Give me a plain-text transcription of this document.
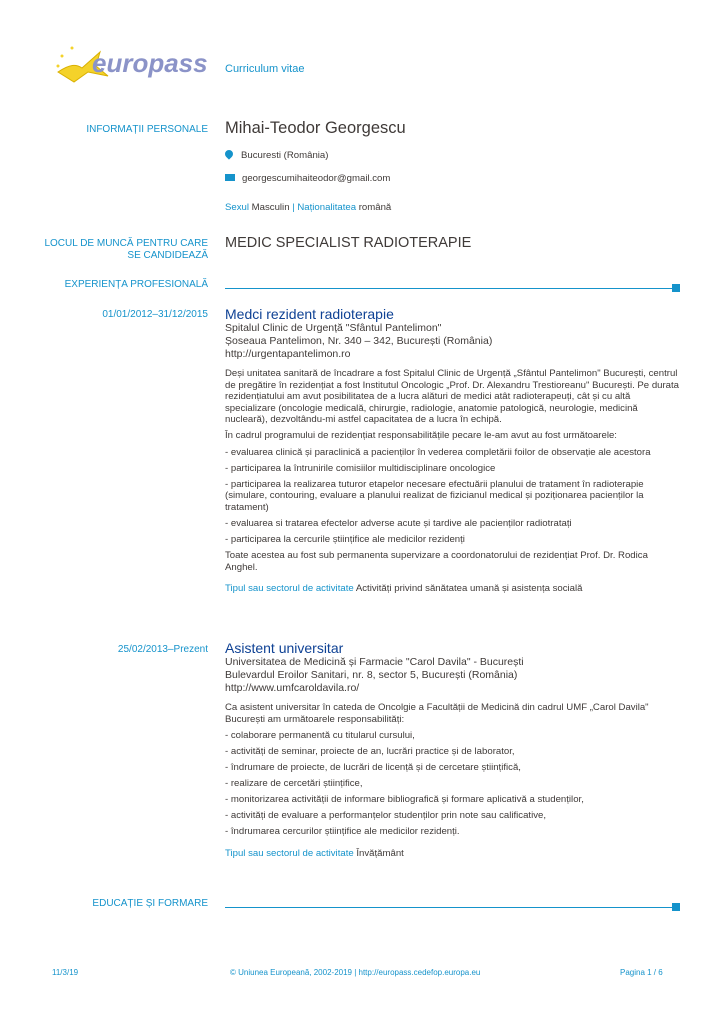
europass Curriculum vitae
INFORMAȚII PERSONALE Mihai-Teodor Georgescu
Bucuresti (România)
georgescumihaiteodor@gmail.com
Sexul Masculin | Naționalitatea română
LOCUL DE MUNCĂ PENTRU CARE SE CANDIDEAZĂ
MEDIC SPECIALIST RADIOTERAPIE
EXPERIENȚA PROFESIONALĂ
01/01/2012–31/12/2015 Medci rezident radioterapie
Spitalul Clinic de Urgență "Sfântul Pantelimon"
Șoseaua Pantelimon, Nr. 340 – 342, București (România)
http://urgentapantelimon.ro

Deși unitatea sanitară de încadrare a fost Spitalul Clinic de Urgență „Sfântul Pantelimon" București, centrul de pregătire în rezidențiat a fost Institutul Oncologic „Prof. Dr. Alexandru Trestioreanu" București. Pe durata rezidențiatului am avut posibilitatea de a lucra alături de medici atât radioterapeuți, cât și cu altă specializare (oncologie medicală, chirurgie, radiologie, anatomie patologică, neurologie, medicină nucleară), dezvoltându-mi astfel capacitatea de a lucra în echipă.

În cadrul programului de rezidențiat responsabilitățile pecare le-am avut au fost următoarele:

- evaluarea clinică și paraclinică a pacienților în vederea completării foilor de observație ale acestora

- participarea la întrunirile comisiilor multidisciplinare oncologice

- participarea la realizarea tuturor etapelor necesare efectuării planului de tratament în radioterapie (simulare, contouring, evaluare a planului realizat de fizicianul medical și poziționarea pacienților la tratament)

- evaluarea si tratarea efectelor adverse acute și tardive ale pacienților radiotratați

- participarea la cercurile științifice ale medicilor rezidenți

Toate acestea au fost sub permanenta supervizare a coordonatorului de rezidențiat Prof. Dr. Rodica Anghel.

Tipul sau sectorul de activitate Activități privind sănătatea umană și asistența socială

25/02/2013–Prezent Asistent universitar
Universitatea de Medicină și Farmacie "Carol Davila" - București
Bulevardul Eroilor Sanitari, nr. 8, sector 5, București (România)
http://www.umfcaroldavila.ro/

Ca asistent universitar în cateda de Oncolgie a Facultății de Medicină din cadrul UMF „Carol Davila" București am următoarele responsabilități:

- colaborare permanentă cu titularul cursului,

- activități de seminar, proiecte de an, lucrări practice și de laborator,

- îndrumare de proiecte, de lucrări de licență și de cercetare științifică,

- realizare de cercetări științifice,

- monitorizarea activității de informare bibliografică și formare aplicativă a studenților,

- activități de evaluare a performanțelor studenților prin note sau calificative,

- îndrumarea cercurilor științifice ale medicilor rezidenți.

Tipul sau sectorul de activitate Învățământ

EDUCAȚIE ȘI FORMARE
11/3/19	© Uniunea Europeană, 2002-2019 | http://europass.cedefop.europa.eu	Pagina 1 / 6
